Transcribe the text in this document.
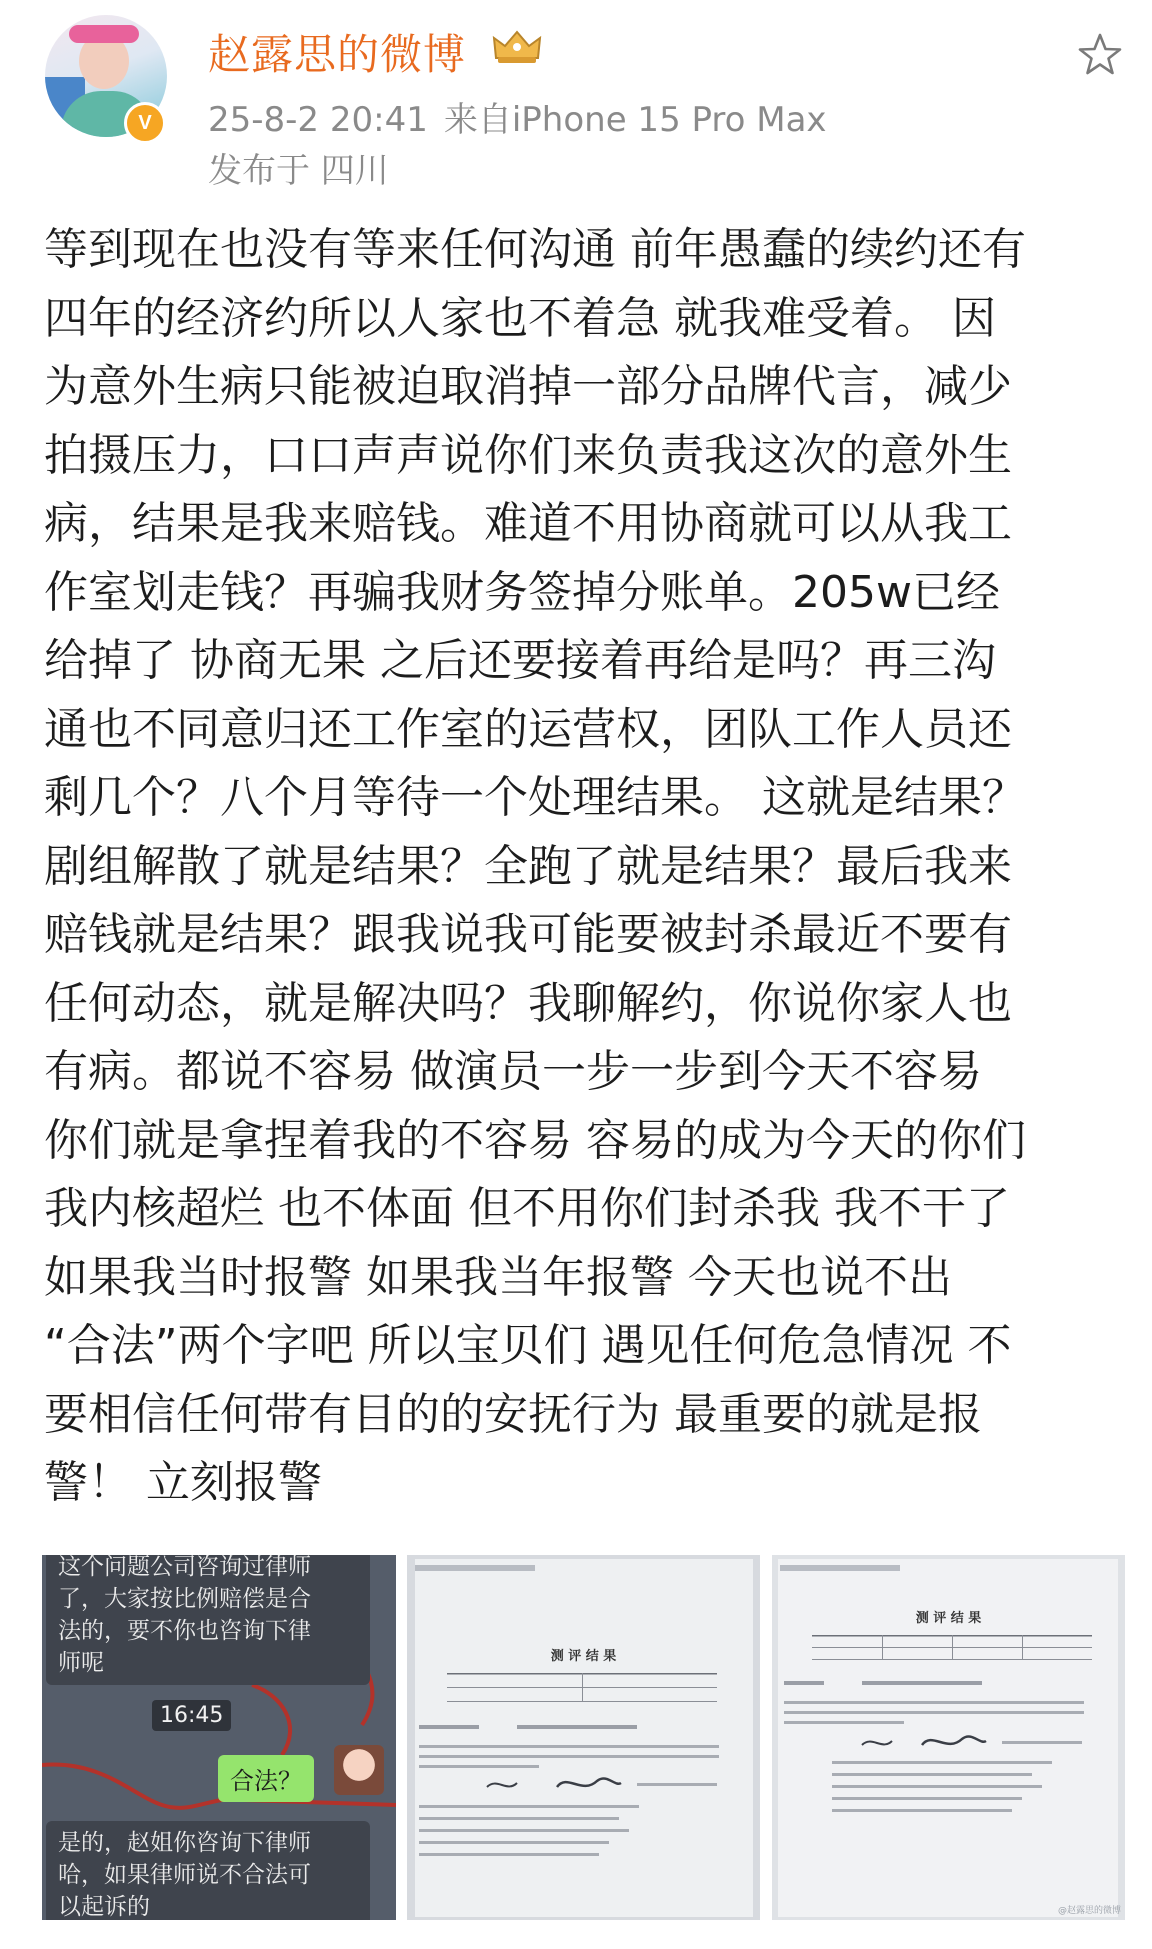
V
赵露思的微博
25-8-2 20:41 来自iPhone 15 Pro Max
发布于 四川
等到现在也没有等来任何沟通 前年愚蠢的续约还有
四年的经济约所以人家也不着急 就我难受着。 因
为意外生病只能被迫取消掉一部分品牌代言，减少
拍摄压力，口口声声说你们来负责我这次的意外生
病，结果是我来赔钱。难道不用协商就可以从我工
作室划走钱？再骗我财务签掉分账单。205w已经
给掉了 协商无果 之后还要接着再给是吗？再三沟
通也不同意归还工作室的运营权，团队工作人员还
剩几个？八个月等待一个处理结果。 这就是结果？
剧组解散了就是结果？全跑了就是结果？最后我来
赔钱就是结果？跟我说我可能要被封杀最近不要有
任何动态，就是解决吗？我聊解约，你说你家人也
有病。都说不容易 做演员一步一步到今天不容易
你们就是拿捏着我的不容易 容易的成为今天的你们
我内核超烂 也不体面 但不用你们封杀我 我不干了
如果我当时报警 如果我当年报警 今天也说不出
“合法”两个字吧 所以宝贝们 遇见任何危急情况 不
要相信任何带有目的的安抚行为 最重要的就是报
警！ 立刻报警
这个问题公司咨询过律师
了，大家按比例赔偿是合
法的，要不你也咨询下律
师呢
16:45
合法？
是的，赵姐你咨询下律师
哈，如果律师说不合法可
以起诉的
测 评 结 果
测 评 结 果
@赵露思的微博
